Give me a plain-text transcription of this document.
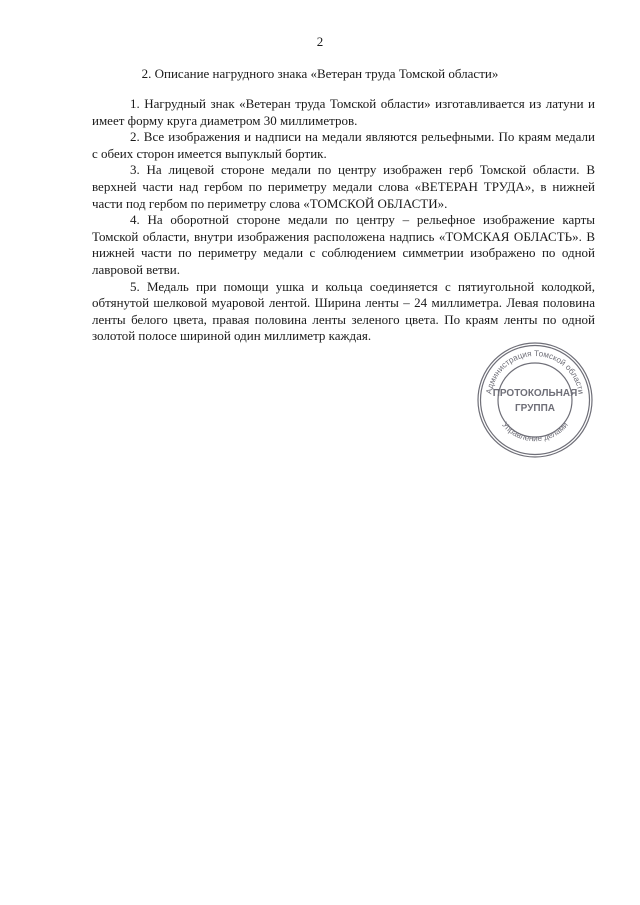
2
2. Описание нагрудного знака «Ветеран труда Томской области»

1. Нагрудный знак «Ветеран труда Томской области» изготавливается из латуни и имеет форму круга диаметром 30 миллиметров.

2. Все изображения и надписи на медали являются рельефными. По краям медали с обеих сторон имеется выпуклый бортик.

3. На лицевой стороне медали по центру изображен герб Томской области. В верхней части над гербом по периметру медали слова «ВЕТЕРАН ТРУДА», в нижней части под гербом по периметру слова «ТОМСКОЙ ОБЛАСТИ».

4. На оборотной стороне медали по центру – рельефное изображение карты Томской области, внутри изображения расположена надпись «ТОМСКАЯ ОБЛАСТЬ». В нижней части по периметру медали с соблюдением симметрии изображено по одной лавровой ветви.

5. Медаль при помощи ушка и кольца соединяется с пятиугольной колодкой, обтянутой шелковой муаровой лентой. Ширина ленты – 24 миллиметра. Левая половина ленты белого цвета, правая половина ленты зеленого цвета. По краям ленты по одной золотой полосе шириной один миллиметр каждая.

Администрация Томской области
Управление делами
ПРОТОКОЛЬНАЯ
ГРУППА
